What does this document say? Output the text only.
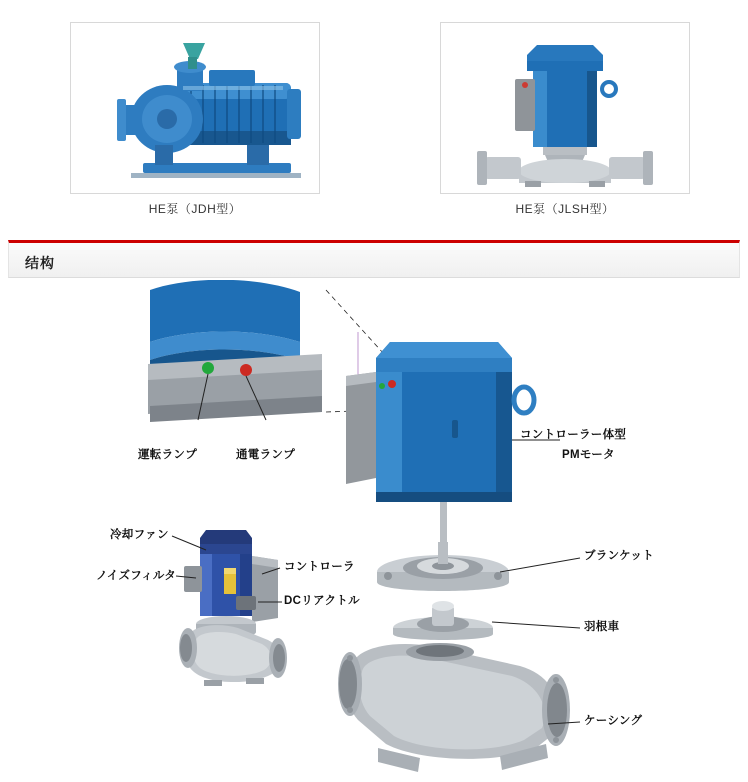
HE泵（JDH型）	HE泵（JLSH型）
结构
運転ランプ	通電ランプ
コントローラー体型
PMモータ
冷却ファン
ノイズフィルタ
コントローラ
DCリアクトル
ブランケット
羽根車
ケーシング
